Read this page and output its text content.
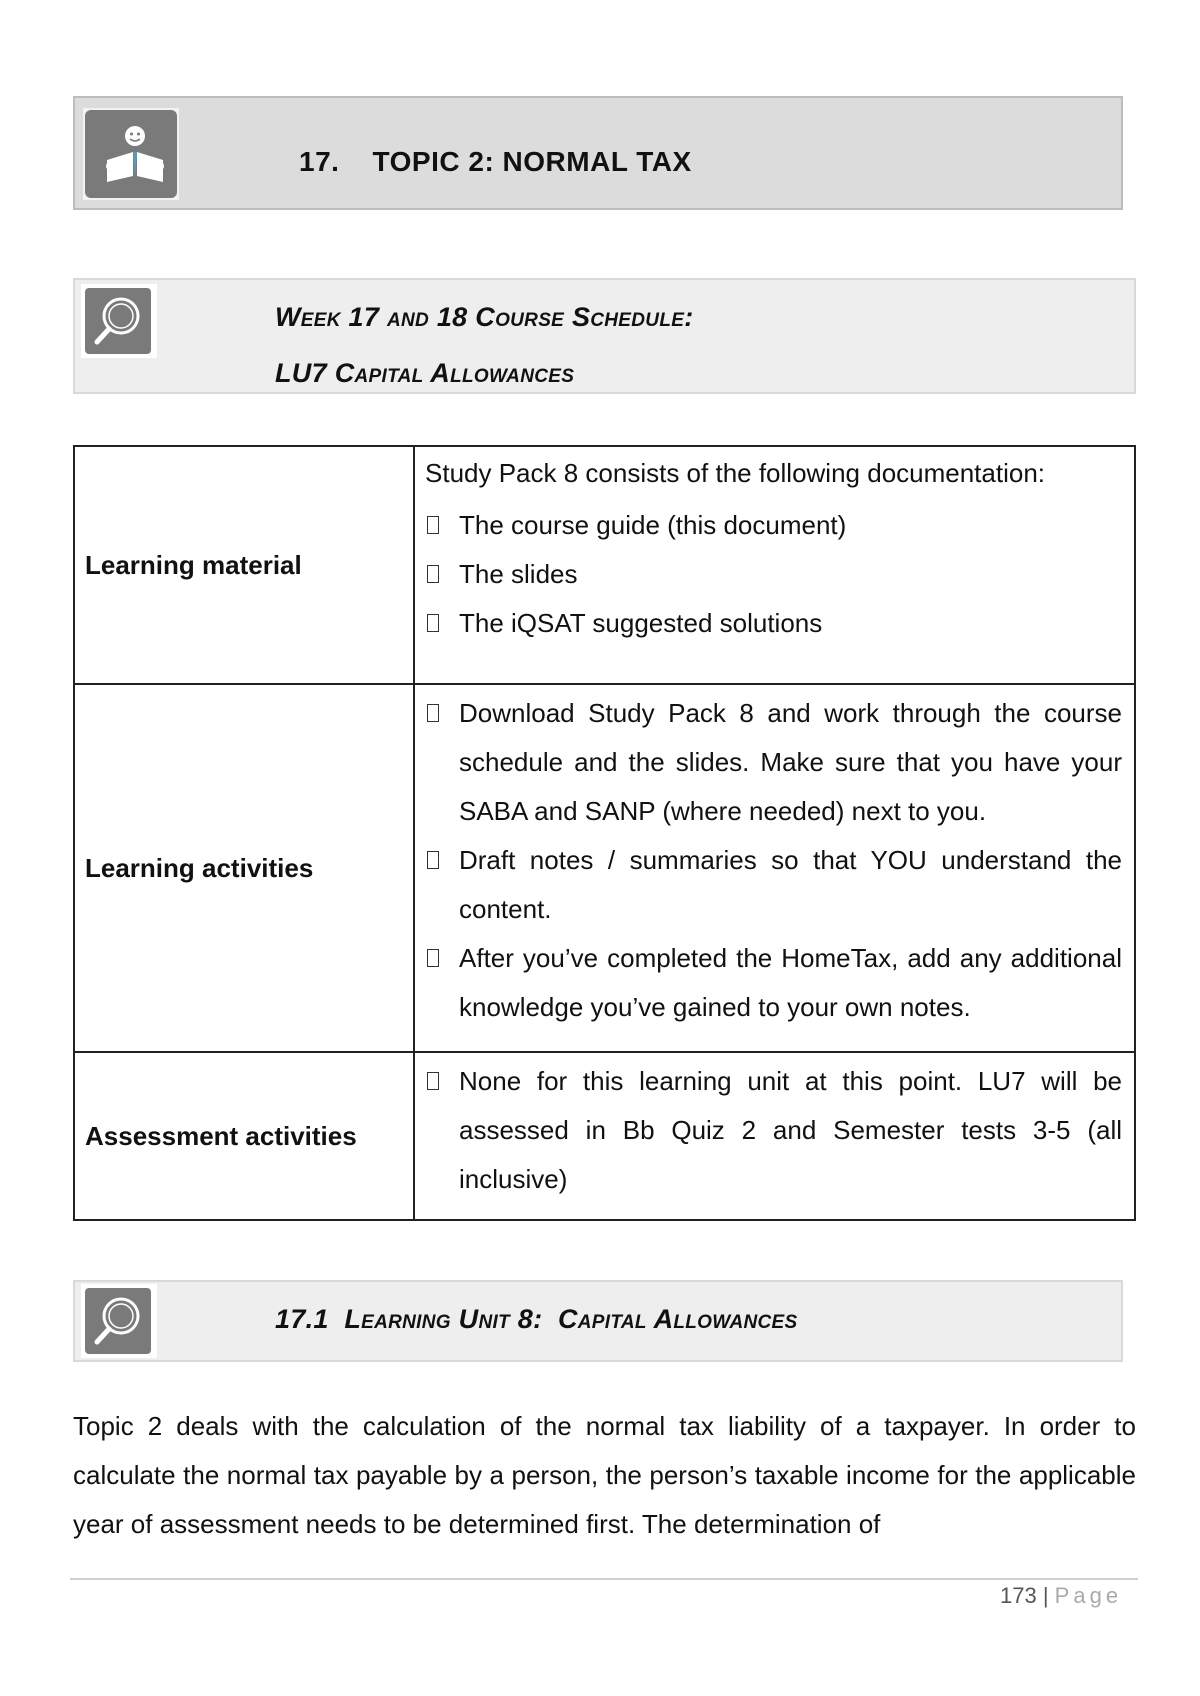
17.    TOPIC 2: NORMAL TAX
Week 17 and 18 Course Schedule:
LU7 Capital Allowances
Learning material	Study Pack 8 consists of the following documentation:
The course guide (this document)
The slides
The iQSAT suggested solutions

Learning activities	Download Study Pack 8 and work through the course schedule and the slides. Make sure that you have your SABA and SANP (where needed) next to you.
Draft notes / summaries so that YOU understand the content.
After you’ve completed the HomeTax, add any additional knowledge you’ve gained to your own notes.

Assessment activities	None for this learning unit at this point. LU7 will be assessed in Bb Quiz 2 and Semester tests 3-5 (all inclusive)
17.1  Learning Unit 8:  Capital Allowances
Topic 2 deals with the calculation of the normal tax liability of a taxpayer. In order to calculate the normal tax payable by a person, the person’s taxable income for the applicable year of assessment needs to be determined first. The determination of
173 | Page
